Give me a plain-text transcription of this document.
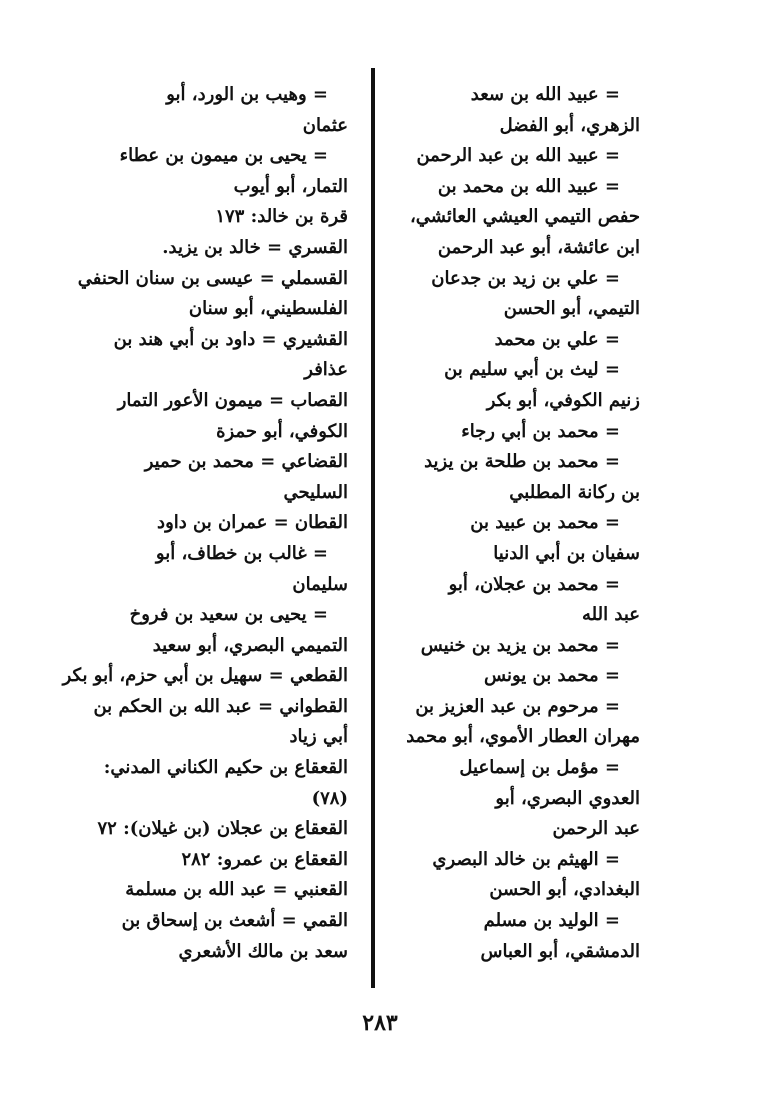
= عبيد الله بن سعد
الزهري، أبو الفضل
= عبيد الله بن عبد الرحمن
= عبيد الله بن محمد بن
حفص التيمي العيشي العائشي،
ابن عائشة، أبو عبد الرحمن
= علي بن زيد بن جدعان
التيمي، أبو الحسن
= علي بن محمد
= ليث بن أبي سليم بن
زنيم الكوفي، أبو بكر
= محمد بن أبي رجاء
= محمد بن طلحة بن يزيد
بن ركانة المطلبي
= محمد بن عبيد بن
سفيان بن أبي الدنيا
= محمد بن عجلان، أبو
عبد الله
= محمد بن يزيد بن خنيس
= محمد بن يونس
= مرحوم بن عبد العزيز بن
مهران العطار الأموي، أبو محمد
= مؤمل بن إسماعيل
العدوي البصري، أبو
عبد الرحمن
= الهيثم بن خالد البصري
البغدادي، أبو الحسن
= الوليد بن مسلم
الدمشقي، أبو العباس
= وهيب بن الورد، أبو
عثمان
= يحيى بن ميمون بن عطاء
التمار، أبو أيوب
قرة بن خالد: ١٧٣
القسري = خالد بن يزيد.
القسملي = عيسى بن سنان الحنفي
الفلسطيني، أبو سنان
القشيري = داود بن أبي هند بن
عذافر
القصاب = ميمون الأعور التمار
الكوفي، أبو حمزة
القضاعي = محمد بن حمير
السليحي
القطان = عمران بن داود
= غالب بن خطاف، أبو
سليمان
= يحيى بن سعيد بن فروخ
التميمي البصري، أبو سعيد
القطعي = سهيل بن أبي حزم، أبو بكر
القطواني = عبد الله بن الحكم بن
أبي زياد
القعقاع بن حكيم الكناني المدني:
(٧٨)
القعقاع بن عجلان (بن غيلان): ٧٢
القعقاع بن عمرو: ٢٨٢
القعنبي = عبد الله بن مسلمة
القمي = أشعث بن إسحاق بن
سعد بن مالك الأشعري
٢٨٣
